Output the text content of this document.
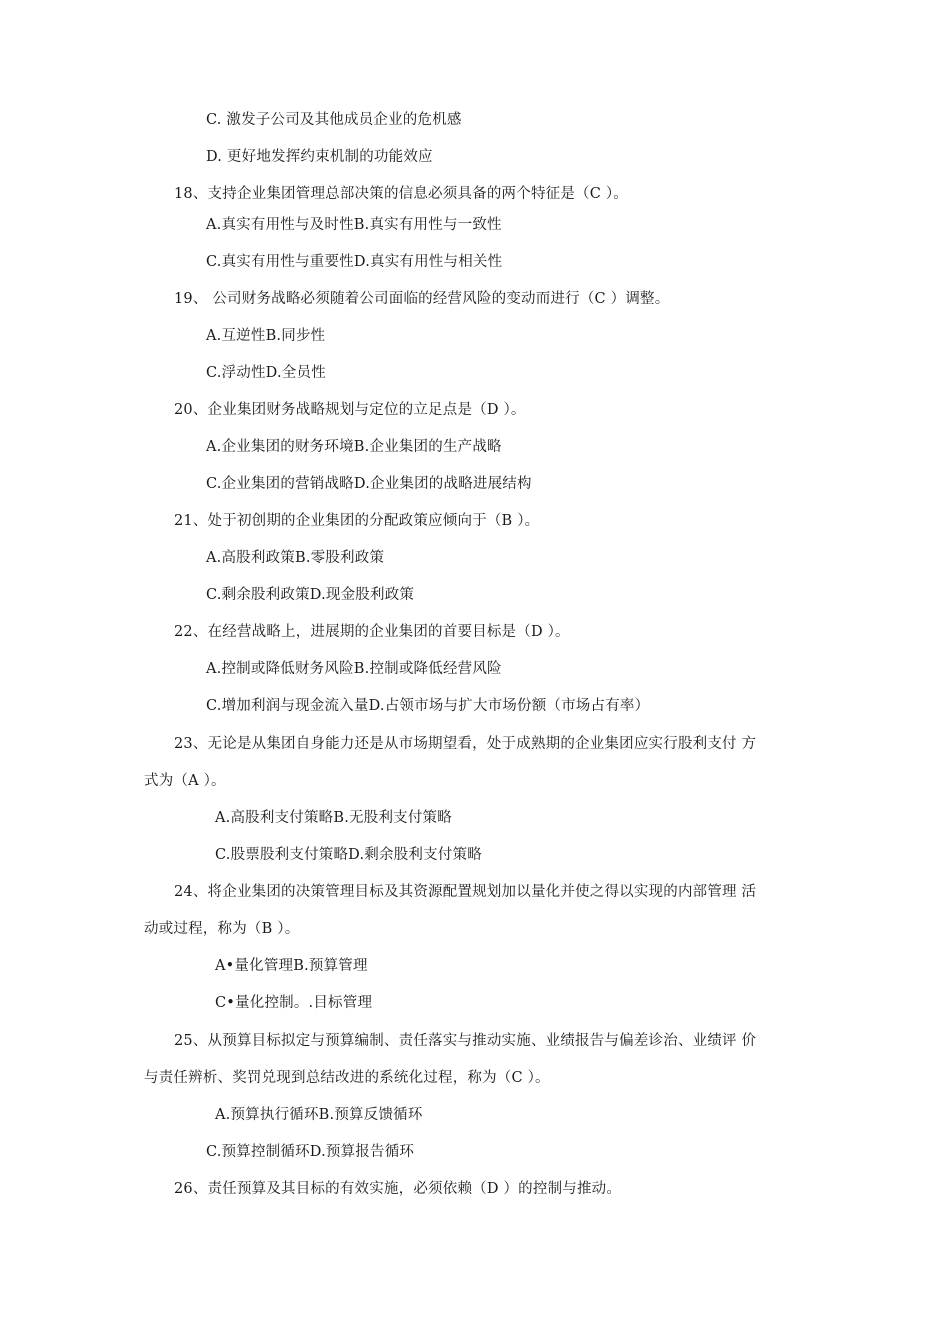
C. 激发子公司及其他成员企业的危机感
D. 更好地发挥约束机制的功能效应
18、支持企业集团管理总部决策的信息必须具备的两个特征是（C ）。
A.真实有用性与及时性B.真实有用性与一致性
C.真实有用性与重要性D.真实有用性与相关性
19、 公司财务战略必须随着公司面临的经营风险的变动而进行（C ）调整。
A.互逆性B.同步性
C.浮动性D.全员性
20、企业集团财务战略规划与定位的立足点是（D ）。
A.企业集团的财务环境B.企业集团的生产战略
C.企业集团的营销战略D.企业集团的战略进展结构
21、处于初创期的企业集团的分配政策应倾向于（B ）。
A.高股利政策B.零股利政策
C.剩余股利政策D.现金股利政策
22、在经营战略上，进展期的企业集团的首要目标是（D ）。
A.控制或降低财务风险B.控制或降低经营风险
C.增加利润与现金流入量D.占领市场与扩大市场份额（市场占有率）
23、无论是从集团自身能力还是从市场期望看，处于成熟期的企业集团应实行股利支付 方
式为（A ）。
A.高股利支付策略B.无股利支付策略
C.股票股利支付策略D.剩余股利支付策略
24、将企业集团的决策管理目标及其资源配置规划加以量化并使之得以实现的内部管理 活
动或过程，称为（B ）。
A•量化管理B.预算管理
C•量化控制。.目标管理
25、从预算目标拟定与预算编制、责任落实与推动实施、业绩报告与偏差诊治、业绩评 价
与责任辨析、奖罚兑现到总结改进的系统化过程，称为（C ）。
A.预算执行循环B.预算反馈循环
C.预算控制循环D.预算报告循环
26、责任预算及其目标的有效实施，必须依赖（D ）的控制与推动。
